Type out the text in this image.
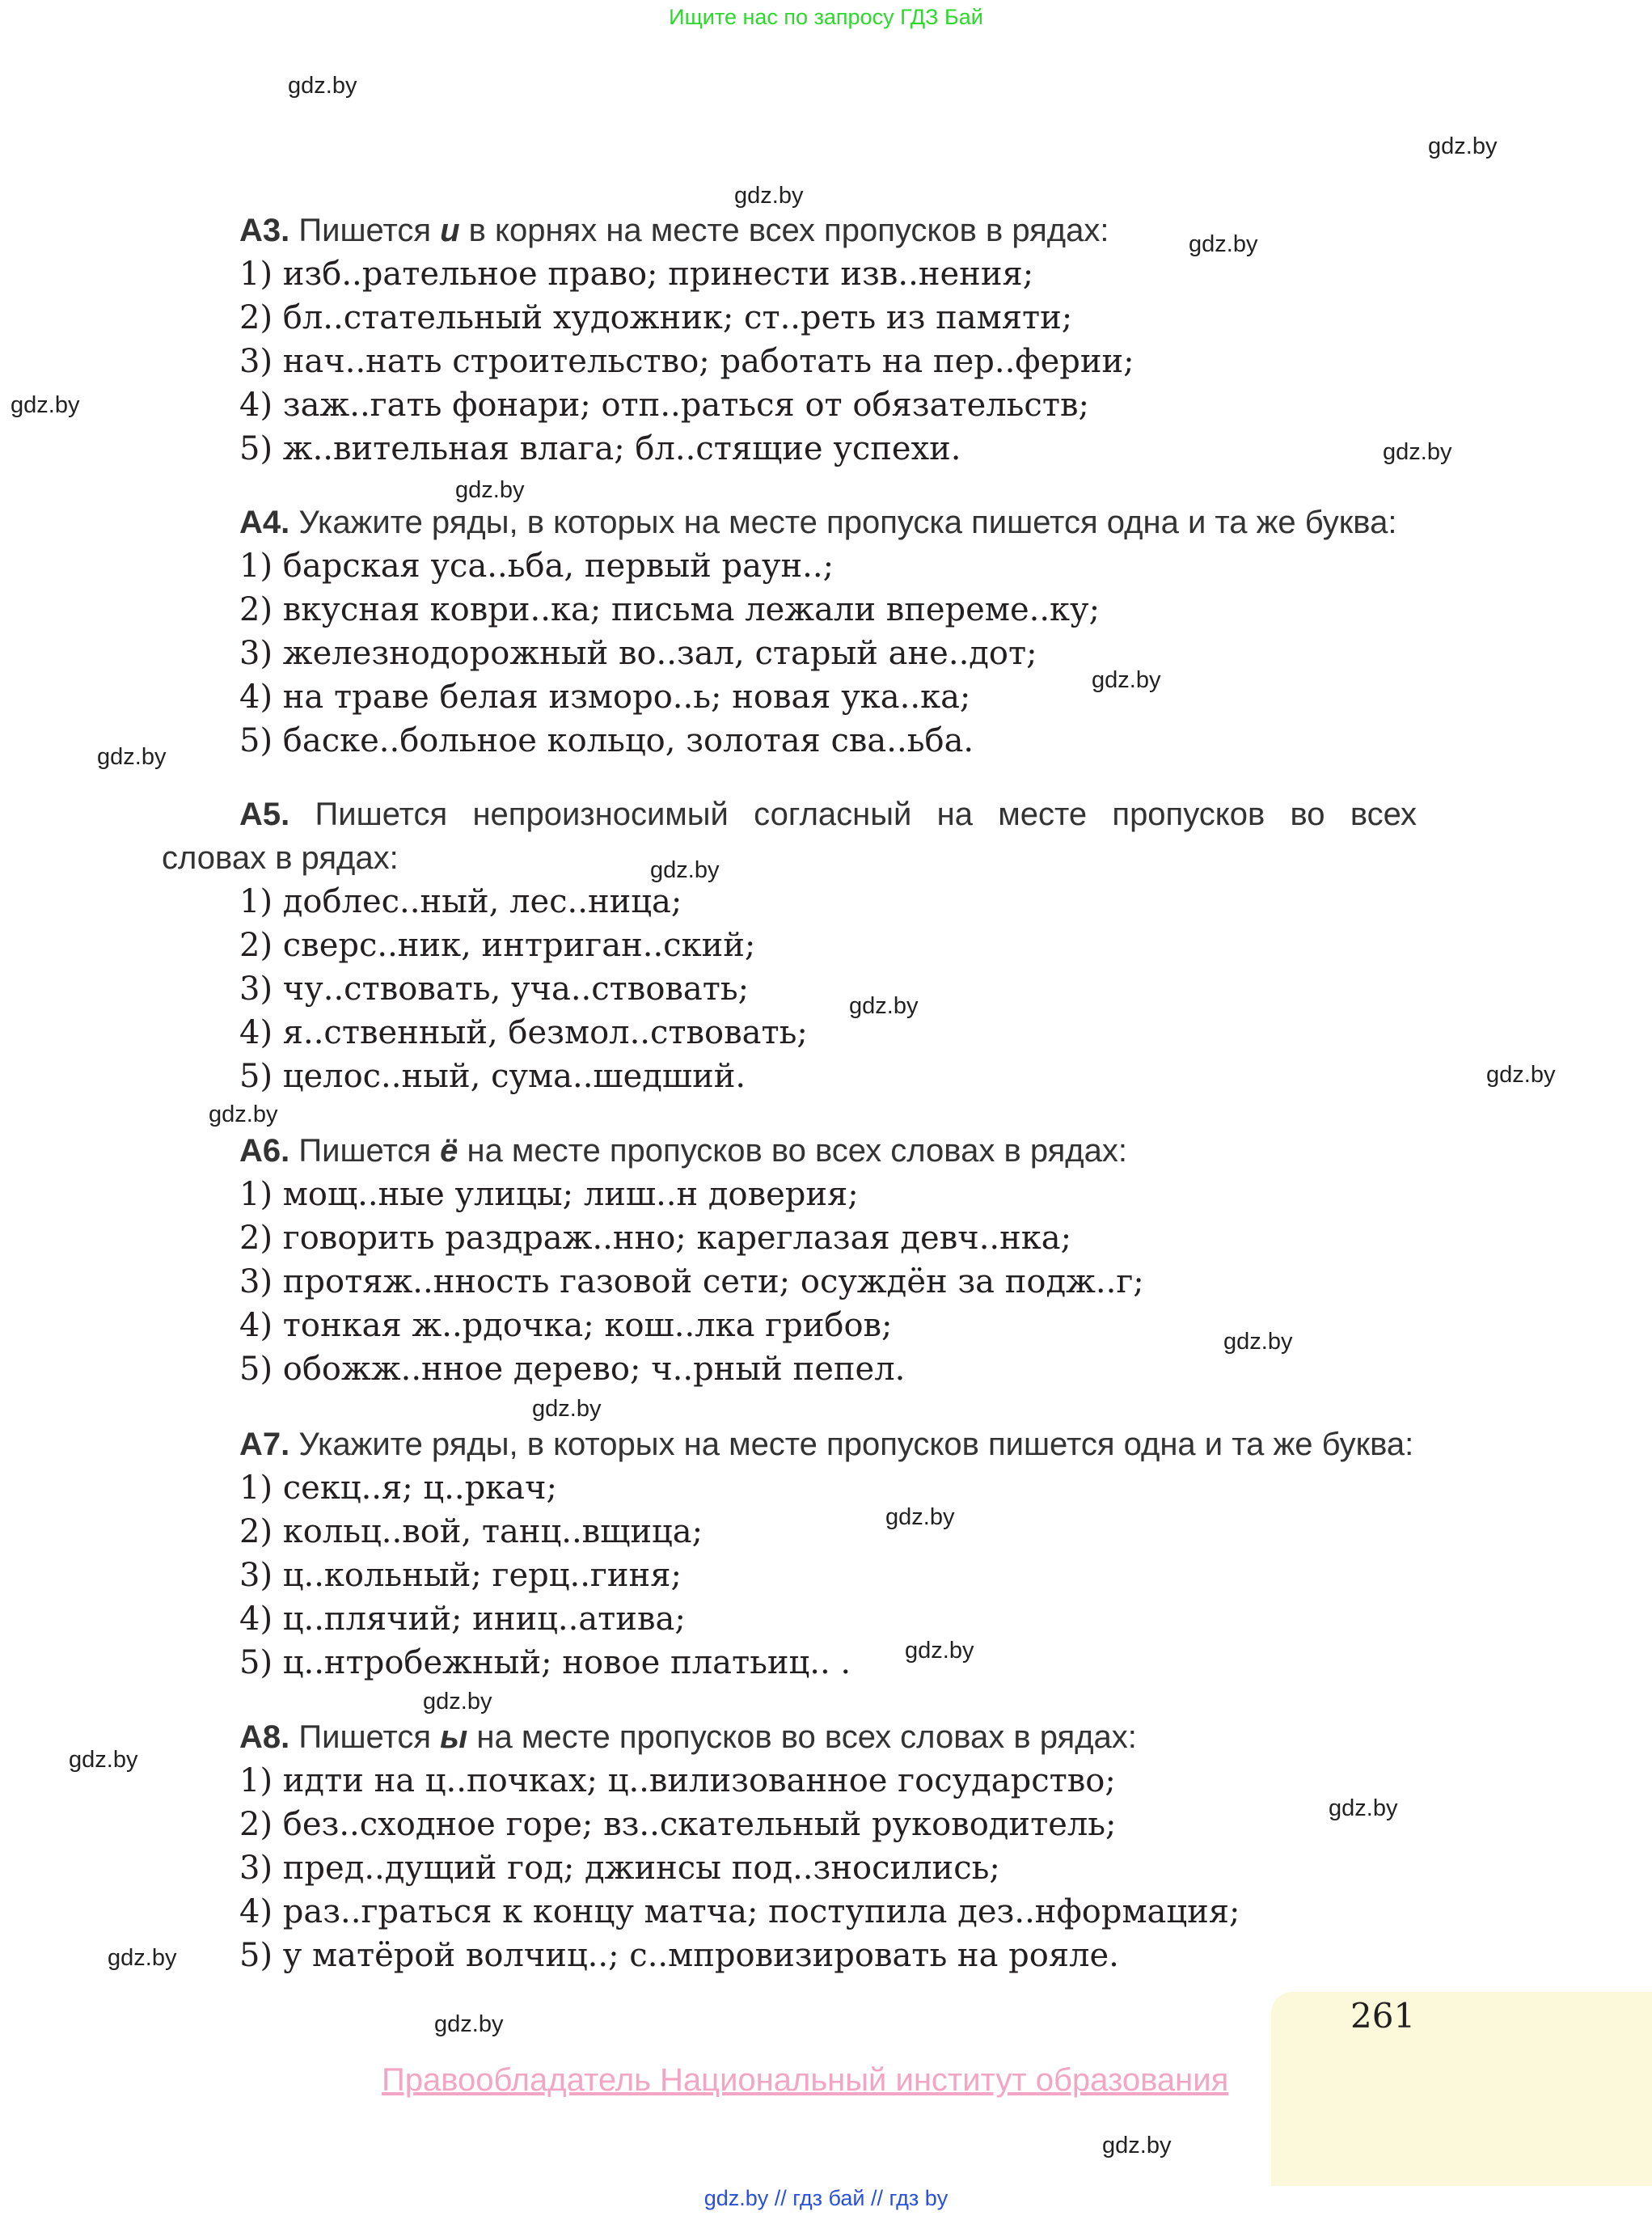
Ищите нас по запросу ГДЗ Бай
gdz.by
gdz.by
gdz.by
gdz.by
gdz.by
gdz.by
gdz.by
gdz.by
gdz.by
gdz.by
gdz.by
gdz.by
gdz.by
gdz.by
gdz.by
gdz.by
gdz.by
gdz.by
gdz.by
gdz.by
gdz.by
gdz.by
gdz.by

А3. Пишется и в корнях на месте всех пропусков в рядах:

1) изб..рательное право; принести изв..нения;

2) бл..стательный художник; ст..реть из памяти;

3) нач..нать строительство; работать на пер..ферии;

4) заж..гать фонари; отп..раться от обязательств;

5) ж..вительная влага; бл..стящие успехи.

А4. Укажите ряды, в которых на месте пропуска пишется одна и та же буква:

1) барская уса..ьба, первый раун..;

2) вкусная коври..ка; письма лежали впереме..ку;

3) железнодорожный во..зал, старый ане..дот;

4) на траве белая изморо..ь; новая ука..ка;

5) баске..больное кольцо, золотая сва..ьба.

А5. Пишется непроизносимый согласный на месте пропусков во всех

словах в рядах:

1) доблес..ный, лес..ница;

2) сверс..ник, интриган..ский;

3) чу..ствовать, уча..ствовать;

4) я..ственный, безмол..ствовать;

5) целос..ный, сума..шедший.

А6. Пишется ё на месте пропусков во всех словах в рядах:

1) мощ..ные улицы; лиш..н доверия;

2) говорить раздраж..нно; кареглазая девч..нка;

3) протяж..нность газовой сети; осуждён за подж..г;

4) тонкая ж..рдочка; кош..лка грибов;

5) обожж..нное дерево; ч..рный пепел.

А7. Укажите ряды, в которых на месте пропусков пишется одна и та же буква:

1) секц..я; ц..ркач;

2) кольц..вой, танц..вщица;

3) ц..кольный; герц..гиня;

4) ц..плячий; иниц..атива;

5) ц..нтробежный; новое платьиц.. .

А8. Пишется ы на месте пропусков во всех словах в рядах:

1) идти на ц..почках; ц..вилизованное государство;

2) без..сходное горе; вз..скательный руководитель;

3) пред..дущий год; джинсы под..зносились;

4) раз..граться к концу матча; поступила дез..нформация;

5) у матёрой волчиц..; с..мпровизировать на рояле.

261
Правообладатель Национальный институт образования
gdz.by // гдз бай // гдз by
